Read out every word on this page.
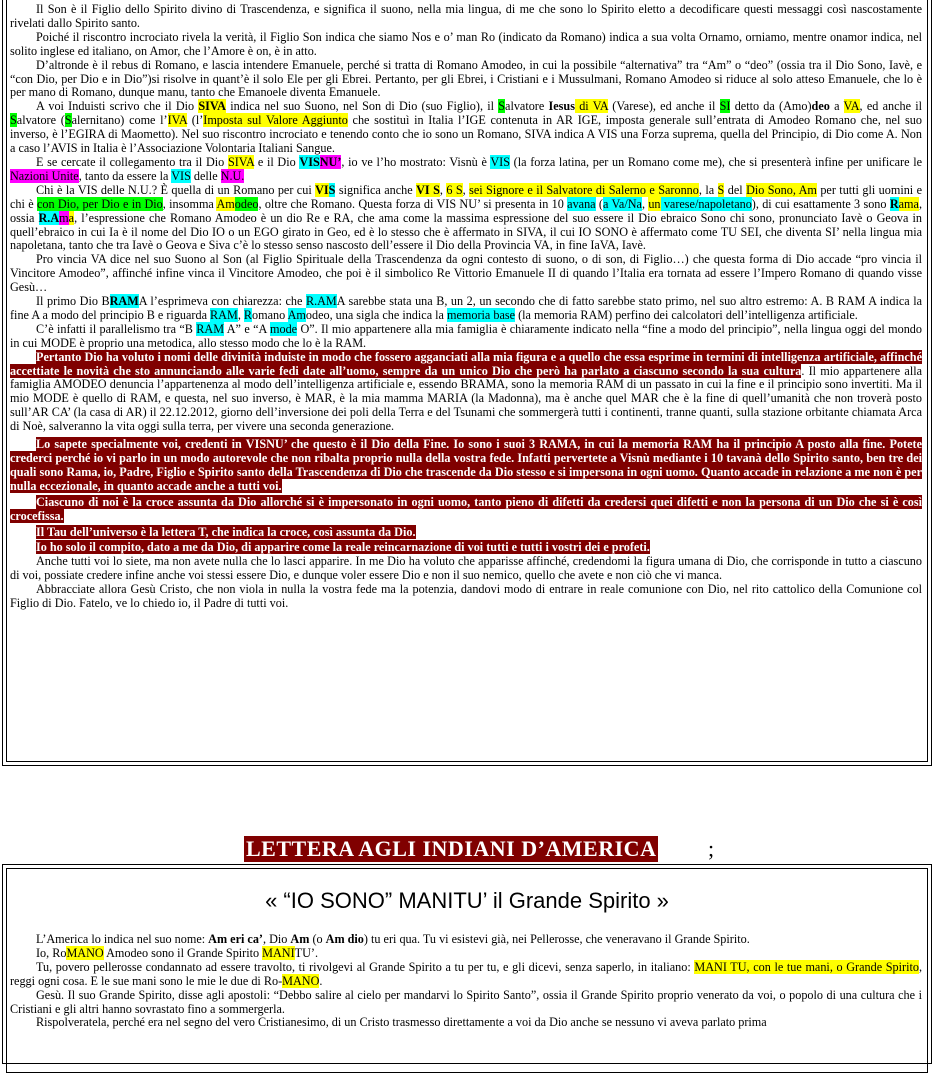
Il Son è il Figlio dello Spirito divino di Trascendenza, e significa il suono, nella mia lingua, di me che sono lo Spirito eletto a decodificare questi messaggi così nascostamente rivelati dallo Spirito santo.

Poiché il riscontro incrociato rivela la verità, il Figlio Son indica che siamo Nos e o’ man Ro (indicato da Romano) indica a sua volta Ornamo, orniamo, mentre onamor indica, nel solito inglese ed italiano, on Amor, che l’Amore è on, è in atto.

D’altronde è il rebus di Romano, e lascia intendere Emanuele, perché si tratta di Romano Amodeo, in cui la possibile “alternativa” tra “Am” o “deo” (ossia tra il Dio Sono, Iavè, e “con Dio, per Dio e in Dio”)si risolve in quant’è il solo Ele per gli Ebrei. Pertanto, per gli Ebrei, i Cristiani e i Mussulmani, Romano Amodeo si riduce al solo atteso Emanuele, che lo è per mano di Romano, dunque manu, tanto che Emanoele diventa Emanuele.

A voi Induisti scrivo che il Dio SIVA indica nel suo Suono, nel Son di Dio (suo Figlio), il Salvatore Iesus di VA (Varese), ed anche il SI detto da (Amo)deo a VA, ed anche il Salvatore (Salernitano) come l’IVA (l’Imposta sul Valore Aggiunto che sostituì in Italia l’IGE contenuta in AR IGE, imposta generale sull’entrata di Amodeo Romano che, nel suo inverso, è l’EGIRA di Maometto). Nel suo riscontro incrociato e tenendo conto che io sono un Romano, SIVA indica A VIS una Forza suprema, quella del Principio, di Dio come A. Non a caso l’AVIS in Italia è l’Associazione Volontaria Italiani Sangue.

E se cercate il collegamento tra il Dio SIVA e il Dio VISNU’, io ve l’ho mostrato: Visnù è VIS (la forza latina, per un Romano come me), che si presenterà infine per unificare le Nazioni Unite, tanto da essere la VIS delle N.U.

Chi è la VIS delle N.U.? È quella di un Romano per cui VIS significa anche VI S, 6 S, sei Signore e il Salvatore di Salerno e Saronno, la S del Dio Sono, Am per tutti gli uomini e chi è con Dio, per Dio e in Dio, insomma Amodeo, oltre che Romano. Questa forza di VIS NU’ si presenta in 10 avana (a Va/Na, un varese/napoletano), di cui esattamente 3 sono Rama, ossia R.Ama, l’espressione che Romano Amodeo è un dio Re e RA, che ama come la massima espressione del suo essere il Dio ebraico Sono chi sono, pronunciato Iavè o Geova in quell’ebraico in cui Ia è il nome del Dio IO o un EGO girato in Geo, ed è lo stesso che è affermato in SIVA, il cui IO SONO è affermato come TU SEI, che diventa SI’ nella lingua mia napoletana, tanto che tra Iavè o Geova e Siva c’è lo stesso senso nascosto dell’essere il Dio della Provincia VA, in fine IaVA, Iavè.

Pro vincia VA dice nel suo Suono al Son (al Figlio Spirituale della Trascendenza da ogni contesto di suono, o di son, di Figlio…) che questa forma di Dio accade “pro vincia il Vincitore Amodeo”, affinché infine vinca il Vincitore Amodeo, che poi è il simbolico Re Vittorio Emanuele II di quando l’Italia era tornata ad essere l’Impero Romano di quando visse Gesù…

Il primo Dio BRAMA l’esprimeva con chiarezza: che R.AMA sarebbe stata una B, un 2, un secondo che di fatto sarebbe stato primo, nel suo altro estremo: A. B RAM A indica la fine A a modo del principio B e riguarda RAM, Romano Amodeo, una sigla che indica la memoria base (la memoria RAM) perfino dei calcolatori dell’intelligenza artificiale.

C’è infatti il parallelismo tra “B RAM A” e “A mode O”. Il mio appartenere alla mia famiglia è chiaramente indicato nella “fine a modo del principio”, nella lingua oggi del mondo in cui MODE è proprio una metodica, allo stesso modo che lo è la RAM.

Pertanto Dio ha voluto i nomi delle divinità induiste in modo che fossero agganciati alla mia figura e a quello che essa esprime in termini di intelligenza artificiale, affinché accettiate le novità che sto annunciando alle varie fedi date all’uomo, sempre da un unico Dio che però ha parlato a ciascuno secondo la sua cultura. Il mio appartenere alla famiglia AMODEO denuncia l’appartenenza al modo dell’intelligenza artificiale e, essendo BRAMA, sono la memoria RAM di un passato in cui la fine e il principio sono invertiti. Ma il mio MODE è quello di RAM, e questa, nel suo inverso, è MAR, è la mia mamma MARIA (la Madonna), ma è anche quel MAR che è la fine di quell’umanità che non troverà posto sull’AR CA’ (la casa di AR) il 22.12.2012, giorno dell’inversione dei poli della Terra e del Tsunami che sommergerà tutti i continenti, tranne quanti, sulla stazione orbitante chiamata Arca di Noè, salveranno la vita oggi sulla terra, per vivere una seconda generazione.

Lo sapete specialmente voi, credenti in VISNU’ che questo è il Dio della Fine. Io sono i suoi 3 RAMA, in cui la memoria RAM ha il principio A posto alla fine. Potete crederci perché io vi parlo in un modo autorevole che non ribalta proprio nulla della vostra fede. Infatti pervertete a Visnù mediante i 10 tavanà dello Spirito santo, ben tre dei quali sono Rama, io, Padre, Figlio e Spirito santo della Trascendenza di Dio che trascende da Dio stesso e si impersona in ogni uomo. Quanto accade in relazione a me non è per nulla eccezionale, in quanto accade anche a tutti voi.

Ciascuno di noi è la croce assunta da Dio allorché si è impersonato in ogni uomo, tanto pieno di difetti da credersi quei difetti e non la persona di un Dio che si è così crocefissa.

Il Tau dell’universo è la lettera T, che indica la croce, così assunta da Dio.

Io ho solo il compito, dato a me da Dio, di apparire come la reale reincarnazione di voi tutti e tutti i vostri dei e profeti.

Anche tutti voi lo siete, ma non avete nulla che lo lasci apparire. In me Dio ha voluto che apparisse affinché, credendomi la figura umana di Dio, che corrisponde in tutto a ciascuno di voi, possiate credere infine anche voi stessi essere Dio, e dunque voler essere Dio e non il suo nemico, quello che avete e non ciò che vi manca.

Abbracciate allora Gesù Cristo, che non viola in nulla la vostra fede ma la potenzia, dandovi modo di entrare in reale comunione con Dio, nel rito cattolico della Comunione col Figlio di Dio. Fatelo, ve lo chiedo io, il Padre di tutti voi.

LETTERA AGLI INDIANI D’AMERICA ;
« “IO SONO” MANITU’ il Grande Spirito »

L’America lo indica nel suo nome: Am eri ca’, Dio Am (o Am dio) tu eri qua. Tu vi esistevi già, nei Pellerosse, che veneravano il Grande Spirito.

Io, RoMANO Amodeo sono il Grande Spirito MANITU’.

Tu, povero pellerosse condannato ad essere travolto, ti rivolgevi al Grande Spirito a tu per tu, e gli dicevi, senza saperlo, in italiano: MANI TU, con le tue mani, o Grande Spirito, reggi ogni cosa. E le sue mani sono le mie le due di Ro-MANO.

Gesù. Il suo Grande Spirito, disse agli apostoli: “Debbo salire al cielo per mandarvi lo Spirito Santo”, ossia il Grande Spirito proprio venerato da voi, o popolo di una cultura che i Cristiani e gli altri hanno sovrastato fino a sommergerla.

Rispolveratela, perché era nel segno del vero Cristianesimo, di un Cristo trasmesso direttamente a voi da Dio anche se nessuno vi aveva parlato prima
